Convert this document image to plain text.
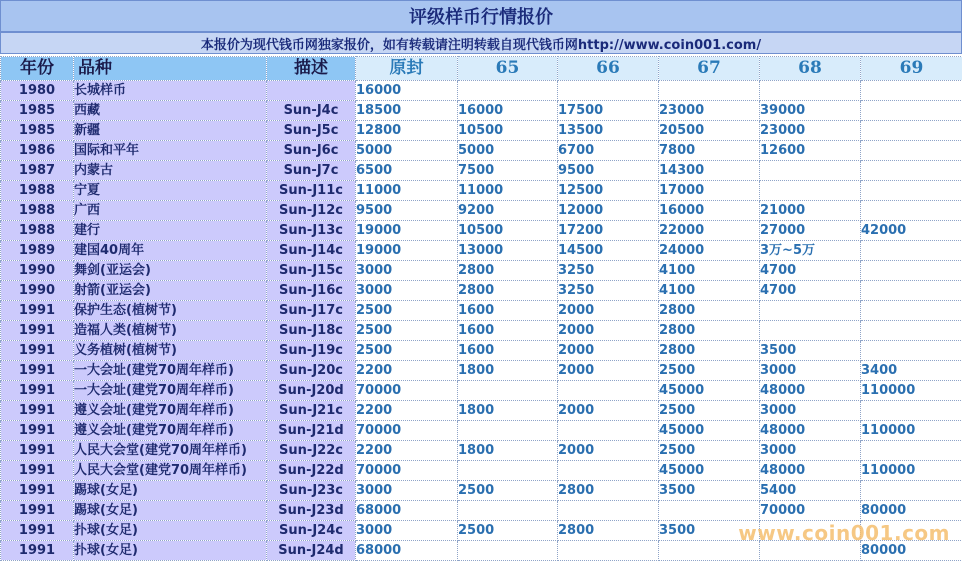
评级样币行情报价
本报价为现代钱币网独家报价，如有转载请注明转载自现代钱币网http://www.coin001.com/
年份	品种	描述	原封	65	66	67	68	69
1980	长城样币		16000					
1985	西藏	Sun-J4c	18500	16000	17500	23000	39000	
1985	新疆	Sun-J5c	12800	10500	13500	20500	23000	
1986	国际和平年	Sun-J6c	5000	5000	6700	7800	12600	
1987	内蒙古	Sun-J7c	6500	7500	9500	14300		
1988	宁夏	Sun-J11c	11000	11000	12500	17000		
1988	广西	Sun-J12c	9500	9200	12000	16000	21000	
1988	建行	Sun-J13c	19000	10500	17200	22000	27000	42000
1989	建国40周年	Sun-J14c	19000	13000	14500	24000	3万~5万	
1990	舞剑(亚运会)	Sun-J15c	3000	2800	3250	4100	4700	
1990	射箭(亚运会)	Sun-J16c	3000	2800	3250	4100	4700	
1991	保护生态(植树节)	Sun-J17c	2500	1600	2000	2800		
1991	造福人类(植树节)	Sun-J18c	2500	1600	2000	2800		
1991	义务植树(植树节)	Sun-J19c	2500	1600	2000	2800	3500	
1991	一大会址(建党70周年样币)	Sun-J20c	2200	1800	2000	2500	3000	3400
1991	一大会址(建党70周年样币)	Sun-J20d	70000			45000	48000	110000
1991	遵义会址(建党70周年样币)	Sun-J21c	2200	1800	2000	2500	3000	
1991	遵义会址(建党70周年样币)	Sun-J21d	70000			45000	48000	110000
1991	人民大会堂(建党70周年样币)	Sun-J22c	2200	1800	2000	2500	3000	
1991	人民大会堂(建党70周年样币)	Sun-J22d	70000			45000	48000	110000
1991	踢球(女足)	Sun-J23c	3000	2500	2800	3500	5400	
1991	踢球(女足)	Sun-J23d	68000				70000	80000
1991	扑球(女足)	Sun-J24c	3000	2500	2800	3500		
1991	扑球(女足)	Sun-J24d	68000					80000
www.coin001.com
